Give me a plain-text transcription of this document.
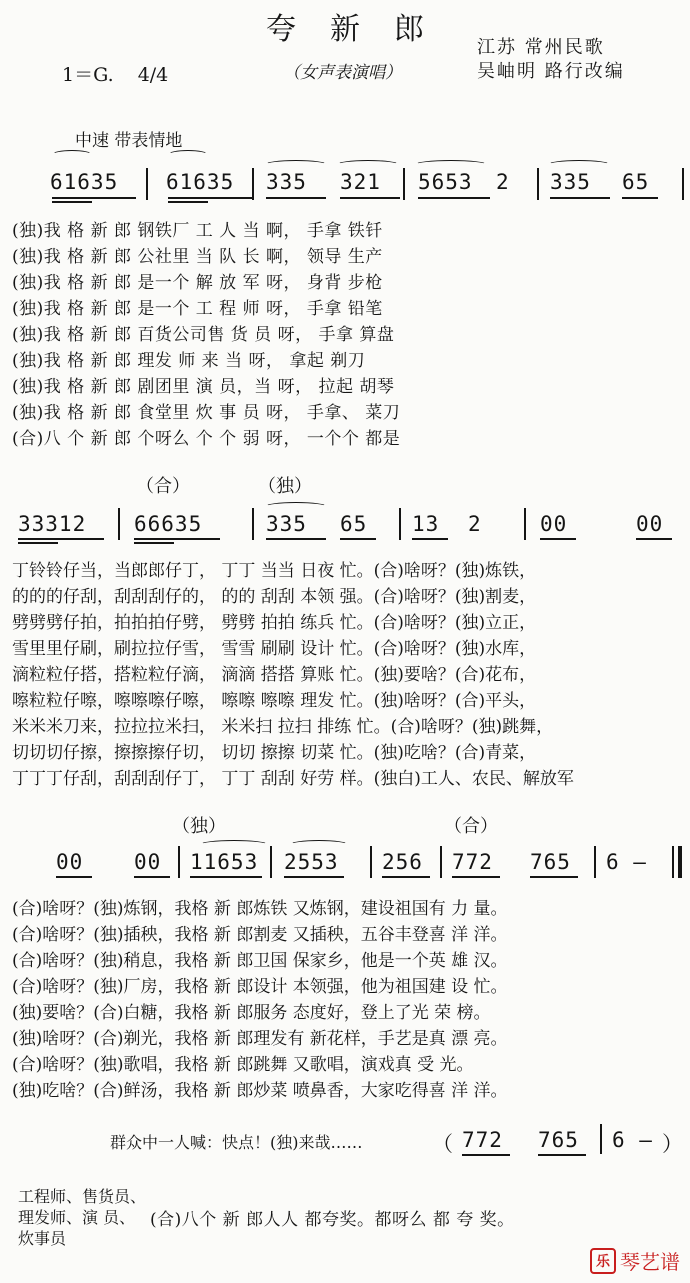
夸新郎
1＝G. 4/4	（女声表演唱）
江苏 常州民歌
吴岫明 路行改编
中速 带表情地
61635 61635 335 321 5653 2 335 65
(独)我 格 新 郎 钢铁厂 工 人 当 啊， 手拿 铁钎
(独)我 格 新 郎 公社里 当 队 长 啊， 领导 生产
(独)我 格 新 郎 是一个 解 放 军 呀， 身背 步枪
(独)我 格 新 郎 是一个 工 程 师 呀， 手拿 铅笔
(独)我 格 新 郎 百货公司售 货 员 呀， 手拿 算盘
(独)我 格 新 郎 理发 师 来 当 呀， 拿起 剃刀
(独)我 格 新 郎 剧团里 演 员，当 呀， 拉起 胡琴
(独)我 格 新 郎 食堂里 炊 事 员 呀， 手拿、 菜刀
(合)八 个 新 郎 个呀么 个 个 弱 呀， 一个个 都是
（合）	（独）
33312 66635	335 65 13 2	00	00
丁铃铃仔当，当郎郎仔丁， 丁丁 当当 日夜 忙。(合)啥呀？(独)炼铁，
的的的仔刮，刮刮刮仔的， 的的 刮刮 本领 强。(合)啥呀？(独)割麦，
劈劈劈仔拍，拍拍拍仔劈， 劈劈 拍拍 练兵 忙。(合)啥呀？(独)立正，
雪里里仔刷，刷拉拉仔雪， 雪雪 刷刷 设计 忙。(合)啥呀？(独)水库，
滴粒粒仔搭，搭粒粒仔滴， 滴滴 搭搭 算账 忙。(独)要啥？(合)花布，
嚓粒粒仔嚓，嚓嚓嚓仔嚓， 嚓嚓 嚓嚓 理发 忙。(独)啥呀？(合)平头，
米米米刀来，拉拉拉米扫， 米米扫 拉扫 排练 忙。(合)啥呀？(独)跳舞，
切切切仔擦，擦擦擦仔切， 切切 擦擦 切菜 忙。(独)吃啥？(合)青菜，
丁丁丁仔刮，刮刮刮仔丁， 丁丁 刮刮 好劳 样。(独白)工人、农民、解放军
（独）	（合）
00 00 11653 2553 256 772 765 6 —
(合)啥呀？(独)炼钢，我格 新 郎炼铁 又炼钢，建设祖国有 力 量。
(合)啥呀？(独)插秧，我格 新 郎割麦 又插秧，五谷丰登喜 洋 洋。
(合)啥呀？(独)稍息，我格 新 郎卫国 保家乡，他是一个英 雄 汉。
(合)啥呀？(独)厂房，我格 新 郎设计 本领强，他为祖国建 设 忙。
(独)要啥？(合)白糖，我格 新 郎服务 态度好，登上了光 荣 榜。
(独)啥呀？(合)剃光，我格 新 郎理发有 新花样，手艺是真 漂 亮。
(合)啥呀？(独)歌唱，我格 新 郎跳舞 又歌唱，演戏真 受 光。
(独)吃啥？(合)鲜汤，我格 新 郎炒菜 喷鼻香，大家吃得喜 洋 洋。
群众中一人喊：快点！(独)来哉……	（ 772 765 6 — ）
工程师、售货员、
理发师、演 员、
炊事员
(合)八个 新 郎人人 都夸奖。都呀么 都 夸 奖。
乐 琴艺谱
